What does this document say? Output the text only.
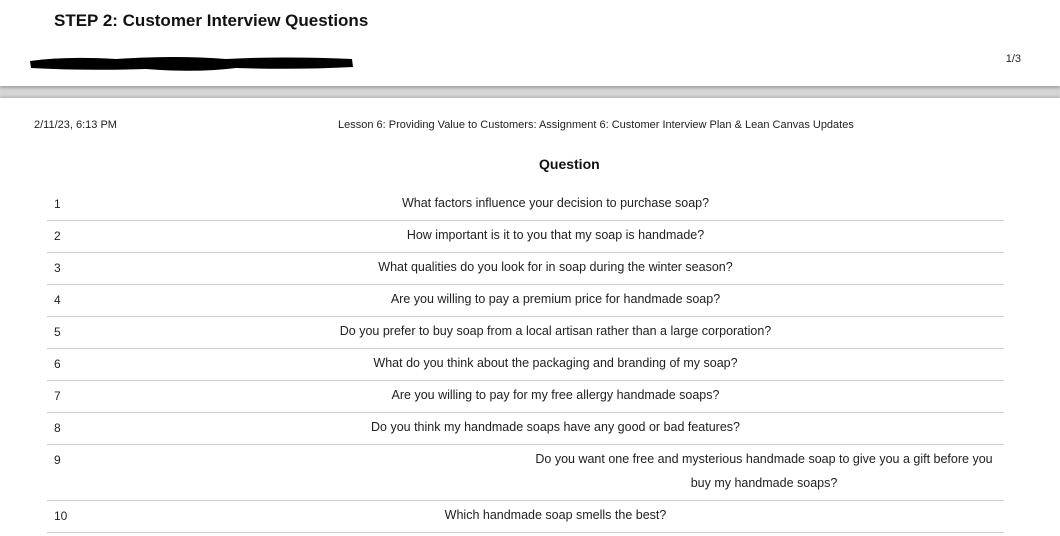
STEP 2: Customer Interview Questions
1/3
2/11/23, 6:13 PM	Lesson 6: Providing Value to Customers: Assignment 6: Customer Interview Plan & Lean Canvas Updates
Question
1	What factors influence your decision to purchase soap?
2	How important is it to you that my soap is handmade?
3	What qualities do you look for in soap during the winter season?
4	Are you willing to pay a premium price for handmade soap?
5	Do you prefer to buy soap from a local artisan rather than a large corporation?
6	What do you think about the packaging and branding of my soap?
7	Are you willing to pay for my free allergy handmade soaps?
8	Do you think my handmade soaps have any good or bad features?
9	Do you want one free and mysterious handmade soap to give you a gift before you buy my handmade soaps?
10	Which handmade soap smells the best?
